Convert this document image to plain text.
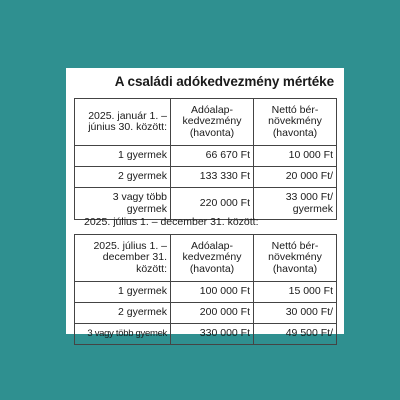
A családi adókedvezmény mértéke
2025. január 1. – június 30. között:	Adóalap-kedvezmény (havonta)	Nettó bér-növekmény (havonta)
1 gyermek	66 670 Ft	10 000 Ft
2 gyermek	133 330 Ft	20 000 Ft/
3 vagy több gyermek	220 000 Ft	33 000 Ft/ gyermek
2025. július 1. – december 31. között:
2025. július 1. – december 31. között:	Adóalap-kedvezmény (havonta)	Nettó bér-növekmény (havonta)
1 gyermek	100 000 Ft	15 000 Ft
2 gyermek	200 000 Ft	30 000 Ft/
3 vagy több gyemek	330 000 Ft	49 500 Ft/
